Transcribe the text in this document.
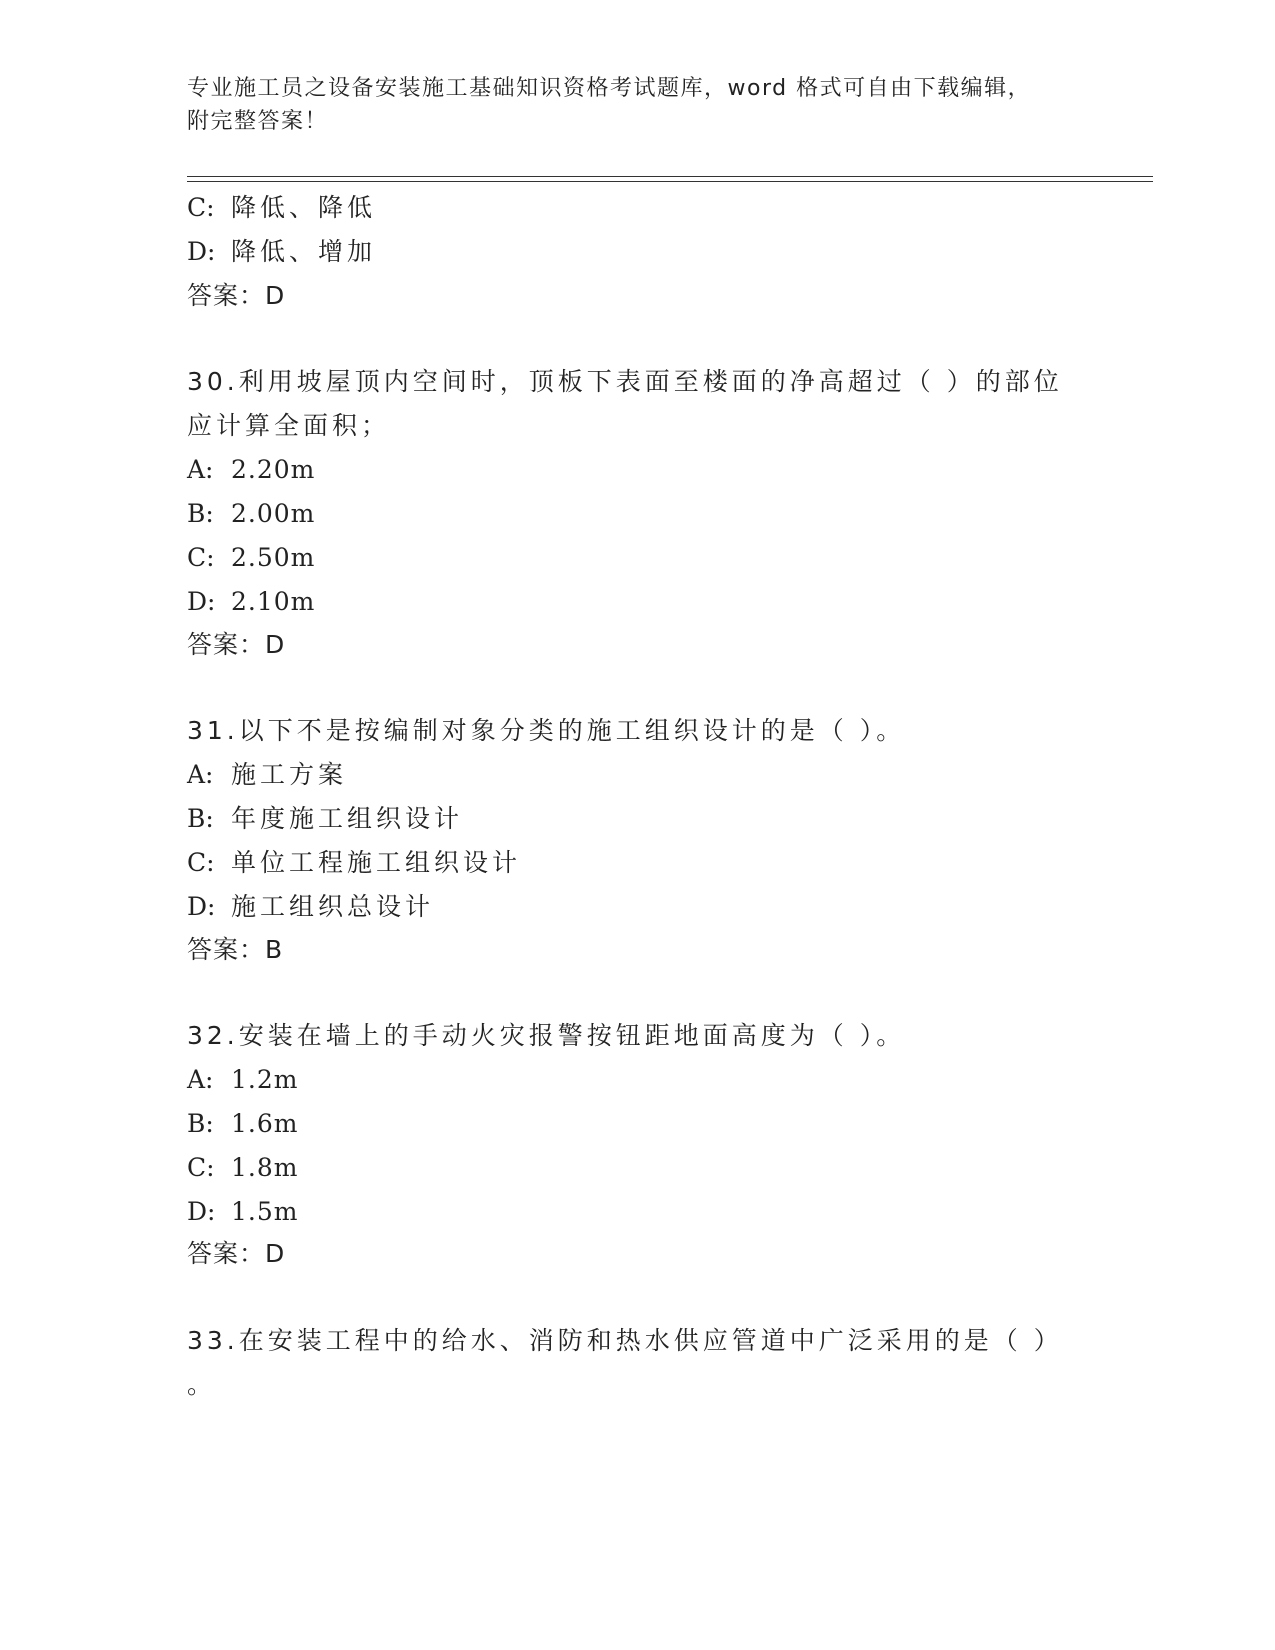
专业施工员之设备安装施工基础知识资格考试题库，word 格式可自由下载编辑，
附完整答案！
C: 降低、降低
D: 降低、增加
答案：D
30.利用坡屋顶内空间时，顶板下表面至楼面的净高超过（ ）的部位
应计算全面积；
A: 2.20m
B: 2.00m
C: 2.50m
D: 2.10m
答案：D
31.以下不是按编制对象分类的施工组织设计的是（ ）。
A: 施工方案
B: 年度施工组织设计
C: 单位工程施工组织设计
D: 施工组织总设计
答案：B
32.安装在墙上的手动火灾报警按钮距地面高度为（ ）。
A: 1.2m
B: 1.6m
C: 1.8m
D: 1.5m
答案：D
33.在安装工程中的给水、消防和热水供应管道中广泛采用的是（ ）
。
